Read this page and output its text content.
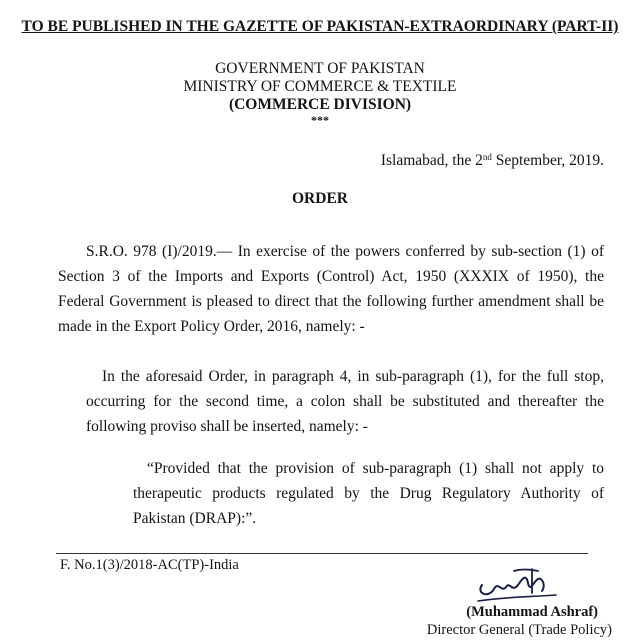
TO BE PUBLISHED IN THE GAZETTE OF PAKISTAN-EXTRAORDINARY (PART-II)
GOVERNMENT OF PAKISTAN
MINISTRY OF COMMERCE & TEXTILE
(COMMERCE DIVISION)
***
Islamabad, the 2nd September, 2019.
ORDER
S.R.O. 978 (I)/2019.— In exercise of the powers conferred by sub-section (1) of Section 3 of the Imports and Exports (Control) Act, 1950 (XXXIX of 1950), the Federal Government is pleased to direct that the following further amendment shall be made in the Export Policy Order, 2016, namely: -
In the aforesaid Order, in paragraph 4, in sub-paragraph (1), for the full stop, occurring for the second time, a colon shall be substituted and thereafter the following proviso shall be inserted, namely: -
“Provided that the provision of sub-paragraph (1) shall not apply to therapeutic products regulated by the Drug Regulatory Authority of Pakistan (DRAP):”.
F. No.1(3)/2018-AC(TP)-India
(Muhammad Ashraf)
Director General (Trade Policy)
